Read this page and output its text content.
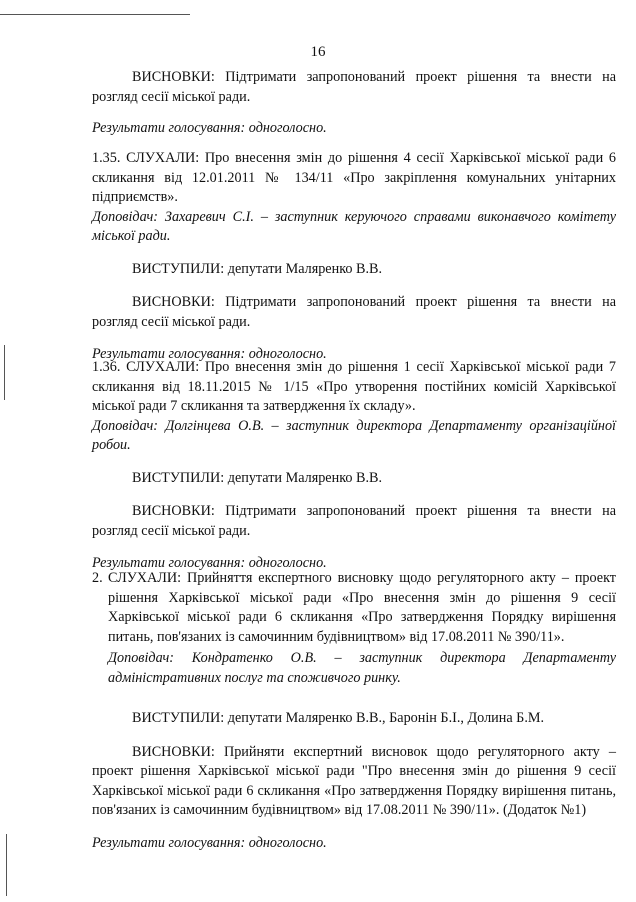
16

ВИСНОВКИ: Підтримати запропонований проект рішення та внести на розгляд сесії міської ради.

Результати голосування: одноголосно.

1.35. СЛУХАЛИ: Про внесення змін до рішення 4 сесії Харківської міської ради 6 скликання від 12.01.2011 № 134/11 «Про закріплення комунальних унітарних підприємств».

Доповідач: Захаревич С.І. – заступник керуючого справами виконавчого комітету міської ради.

ВИСТУПИЛИ: депутати Маляренко В.В.

ВИСНОВКИ: Підтримати запропонований проект рішення та внести на розгляд сесії міської ради.

Результати голосування: одноголосно.

1.36. СЛУХАЛИ: Про внесення змін до рішення 1 сесії Харківської міської ради 7 скликання від 18.11.2015 № 1/15 «Про утворення постійних комісій Харківської міської ради 7 скликання та затвердження їх складу».

Доповідач: Долгінцева О.В. – заступник директора Департаменту організаційної робои.

ВИСТУПИЛИ: депутати Маляренко В.В.

ВИСНОВКИ: Підтримати запропонований проект рішення та внести на розгляд сесії міської ради.

Результати голосування: одноголосно.

2. СЛУХАЛИ: Прийняття експертного висновку щодо регуляторного акту – проект рішення Харківської міської ради «Про внесення змін до рішення 9 сесії Харківської міської ради 6 скликання «Про затвердження Порядку вирішення питань, пов'язаних із самочинним будівництвом» від 17.08.2011 № 390/11».

Доповідач: Кондратенко О.В. – заступник директора Департаменту адміністративних послуг та споживчого ринку.

ВИСТУПИЛИ: депутати Маляренко В.В., Баронін Б.І., Долина Б.М.

ВИСНОВКИ: Прийняти експертний висновок щодо регуляторного акту – проект рішення Харківської міської ради "Про внесення змін до рішення 9 сесії Харківської міської ради 6 скликання «Про затвердження Порядку вирішення питань, пов'язаних із самочинним будівництвом» від 17.08.2011 № 390/11». (Додаток №1)

Результати голосування: одноголосно.
